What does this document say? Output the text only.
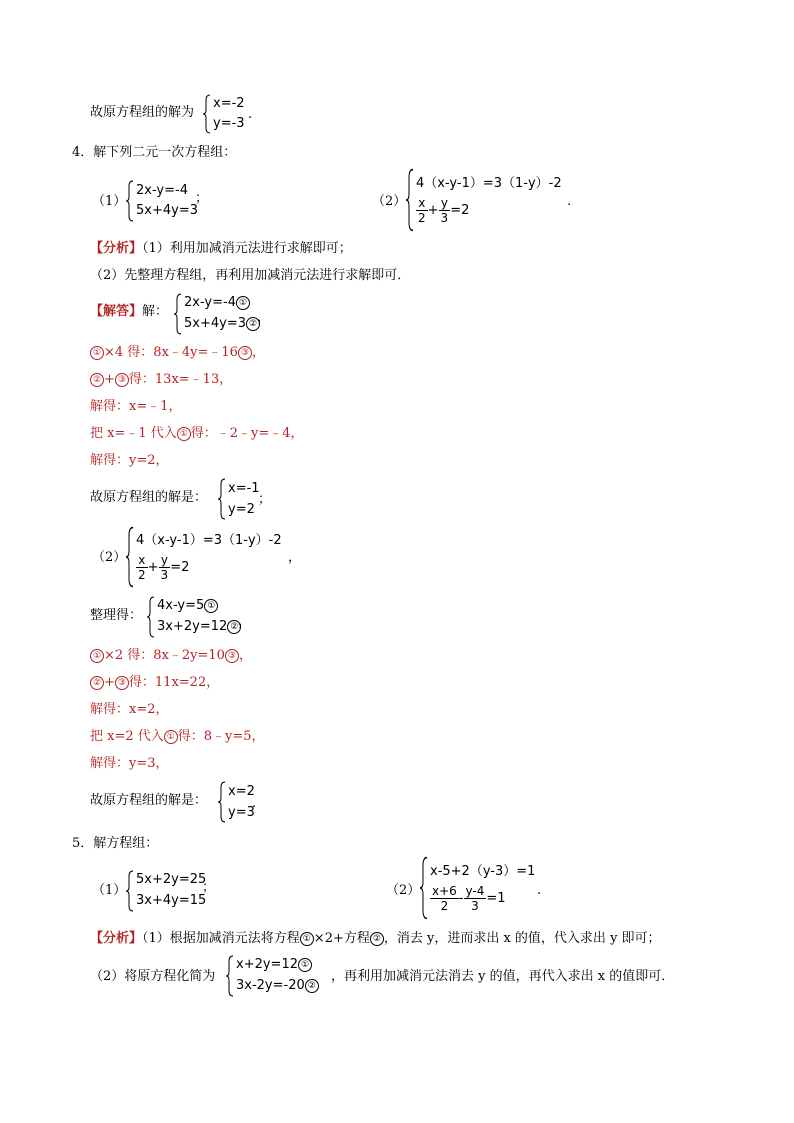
故原方程组的解为
x=-2
y=-3
.
4．解下列二元一次方程组：
（1）
2x-y=-4
5x+4y=3
；	（2）
4（x-y-1）=3（1-y）-2
$\frac{x}{2} + \frac{y}{3} =2$
.
【分析】（1）利用加减消元法进行求解即可；
（2）先整理方程组，再利用加减消元法进行求解即可．
【解答】解：
2x-y=-4 ①
5x+4y=3 ② ，
① ×4 得：8x﹣4y=﹣16 ③ ，
② + ③ 得：13x=﹣13，
解得：x=﹣1，
把 x=﹣1 代入 ① 得：﹣2﹣y=﹣4，
解得：y=2，
故原方程组的解是：
x=-1
y=2
；
（2）
4（x-y-1）=3（1-y）-2
$\frac{x}{2} + \frac{y}{3} =2$
，
整理得：
4x-y=5 ①
3x+2y=12 ② ，
① ×2 得：8x﹣2y=10 ③ ，
② + ③ 得：11x=22，
解得：x=2，
把 x=2 代入 ① 得：8﹣y=5，
解得：y=3，
故原方程组的解是：
x=2
y=3
.
5．解方程组：
（1）
5x+2y=25
3x+4y=15
；	（2）
x-5+2（y-3）=1
$\frac{x+6}{2} - \frac{y-4}{3} =1$
.
【分析】（1）根据加减消元法将方程 ① ×2+方程 ② ，消去 y，进而求出 x 的值，代入求出 y 即可；
（2）将原方程化简为
x+2y=12 ①
3x-2y=-20 ②
，再利用加减消元法消去 y 的值，再代入求出 x 的值即可．
